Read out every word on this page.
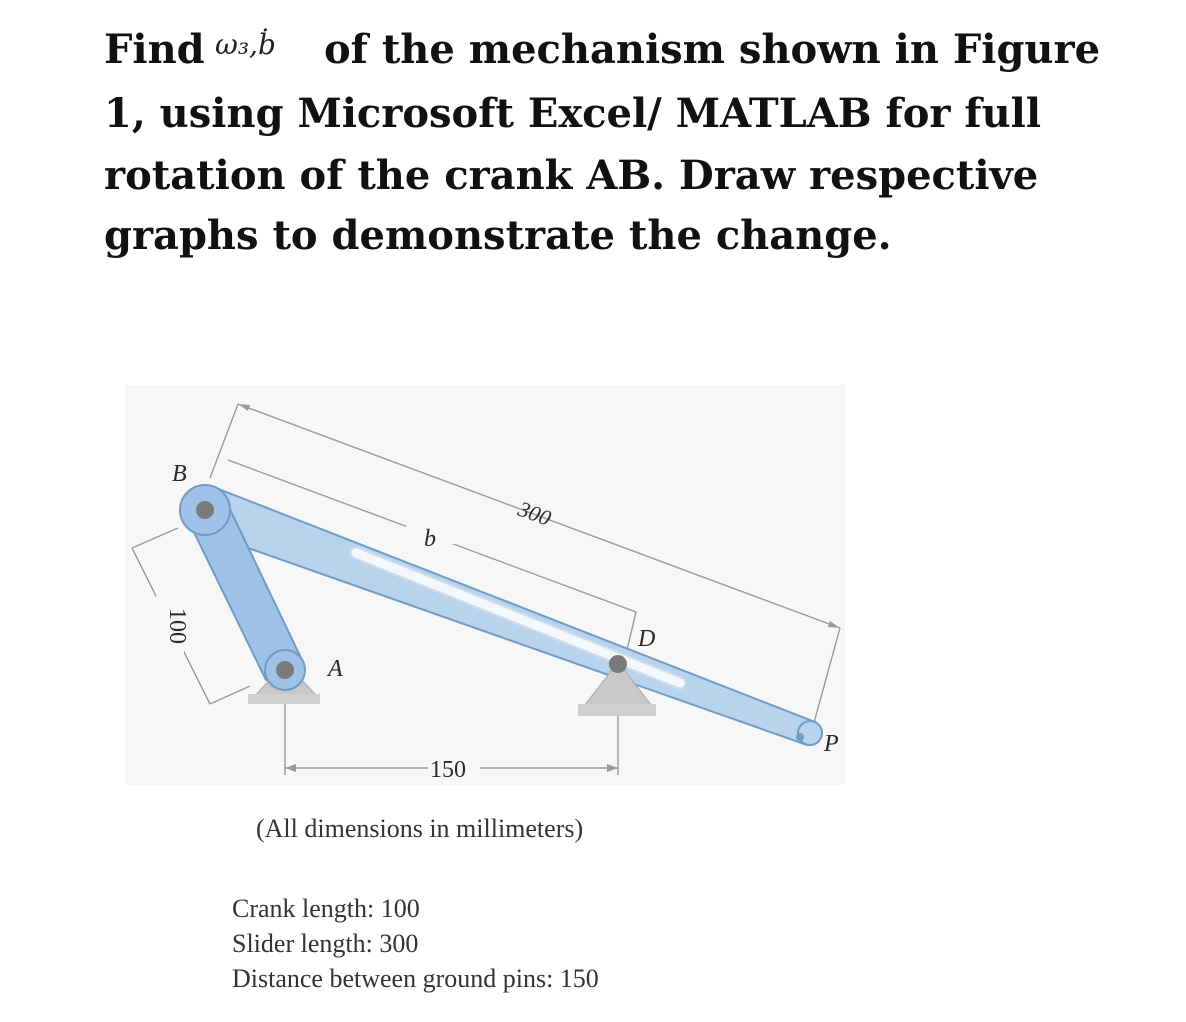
Find ω₃,ḃ of the mechanism shown in Figure
1, using Microsoft Excel/ MATLAB for full
rotation of the crank AB. Draw respective
graphs to demonstrate the change.
300
b
100
150
B
A
D
P
(All dimensions in millimeters)
Crank length: 100
Slider length: 300
Distance between ground pins: 150
